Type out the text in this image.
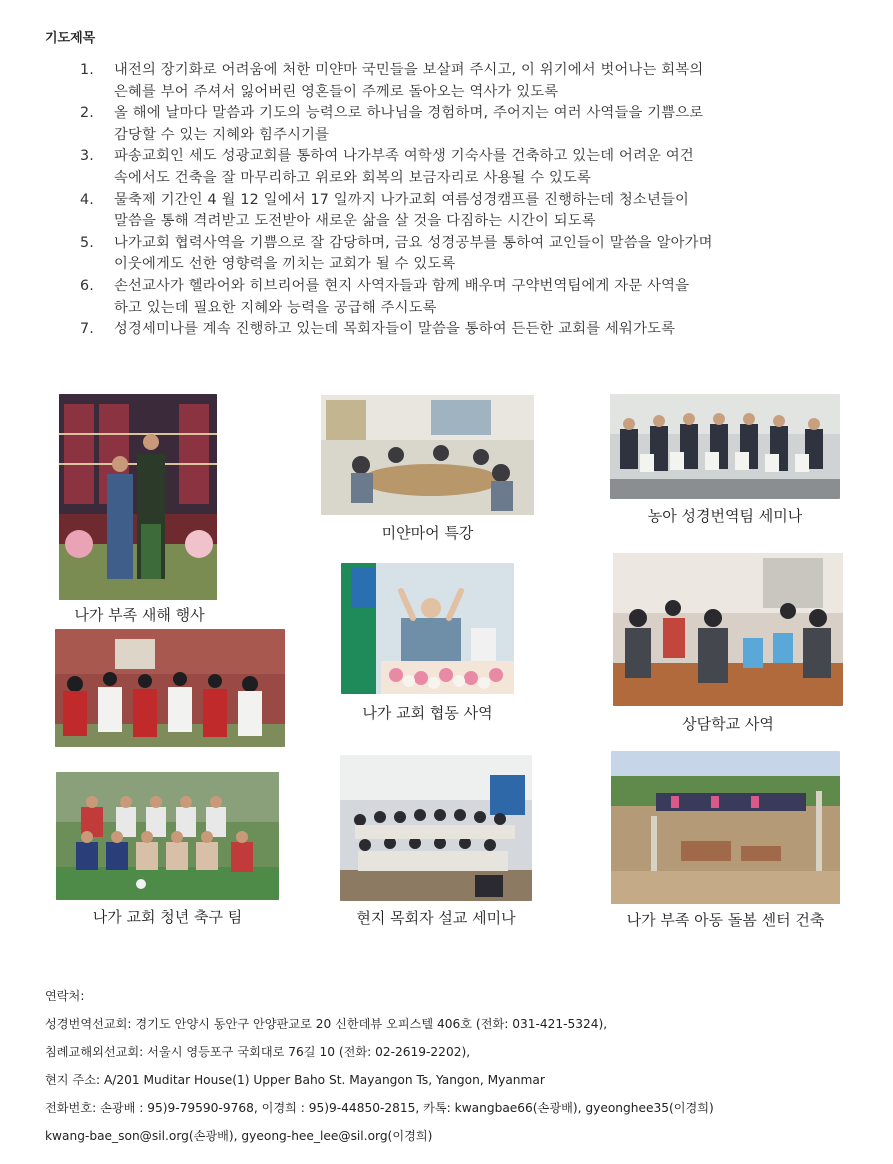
기도제목
1.	내전의 장기화로 어려움에 처한 미얀마 국민들을 보살펴 주시고, 이 위기에서 벗어나는 회복의
은혜를 부어 주셔서 잃어버린 영혼들이 주께로 돌아오는 역사가 있도록
2.	올 해에 날마다 말씀과 기도의 능력으로 하나님을 경험하며, 주어지는 여러 사역들을 기쁨으로
감당할 수 있는 지혜와 힘주시기를
3.	파송교회인 세도 성광교회를 통하여 나가부족 여학생 기숙사를 건축하고 있는데 어려운 여건
속에서도 건축을 잘 마무리하고 위로와 회복의 보금자리로 사용될 수 있도록
4.	물축제 기간인 4 월 12 일에서 17 일까지 나가교회 여름성경캠프를 진행하는데 청소년들이
말씀을 통해 격려받고 도전받아 새로운 삶을 살 것을 다짐하는 시간이 되도록
5.	나가교회 협력사역을 기쁨으로 잘 감당하며, 금요 성경공부를 통하여 교인들이 말씀을 알아가며
이웃에게도 선한 영향력을 끼치는 교회가 될 수 있도록
6.	손선교사가 헬라어와 히브리어를 현지 사역자들과 함께 배우며 구약번역팀에게 자문 사역을
하고 있는데 필요한 지혜와 능력을 공급해 주시도록
7.	성경세미나를 계속 진행하고 있는데 목회자들이 말씀을 통하여 든든한 교회를 세워가도록
나가 부족 새해 행사
미얀마어 특강
농아 성경번역팀 세미나
나가 교회 협동 사역
상담학교 사역
나가 교회 청년 축구 팀	현지 목회자 설교 세미나	나가 부족 아동 돌봄 센터 건축
연락처:
성경번역선교회: 경기도 안양시 동안구 안양판교로 20 신한데뷰 오피스텔 406호 (전화: 031-421-5324),
침례교해외선교회: 서울시 영등포구 국회대로 76길 10 (전화: 02-2619-2202),
현지 주소: A/201 Muditar House(1) Upper Baho St. Mayangon Ts, Yangon, Myanmar
전화번호: 손광배 : 95)9-79590-9768, 이경희 : 95)9-44850-2815, 카톡: kwangbae66(손광배), gyeonghee35(이경희)
kwang-bae_son@sil.org(손광배), gyeong-hee_lee@sil.org(이경희)
